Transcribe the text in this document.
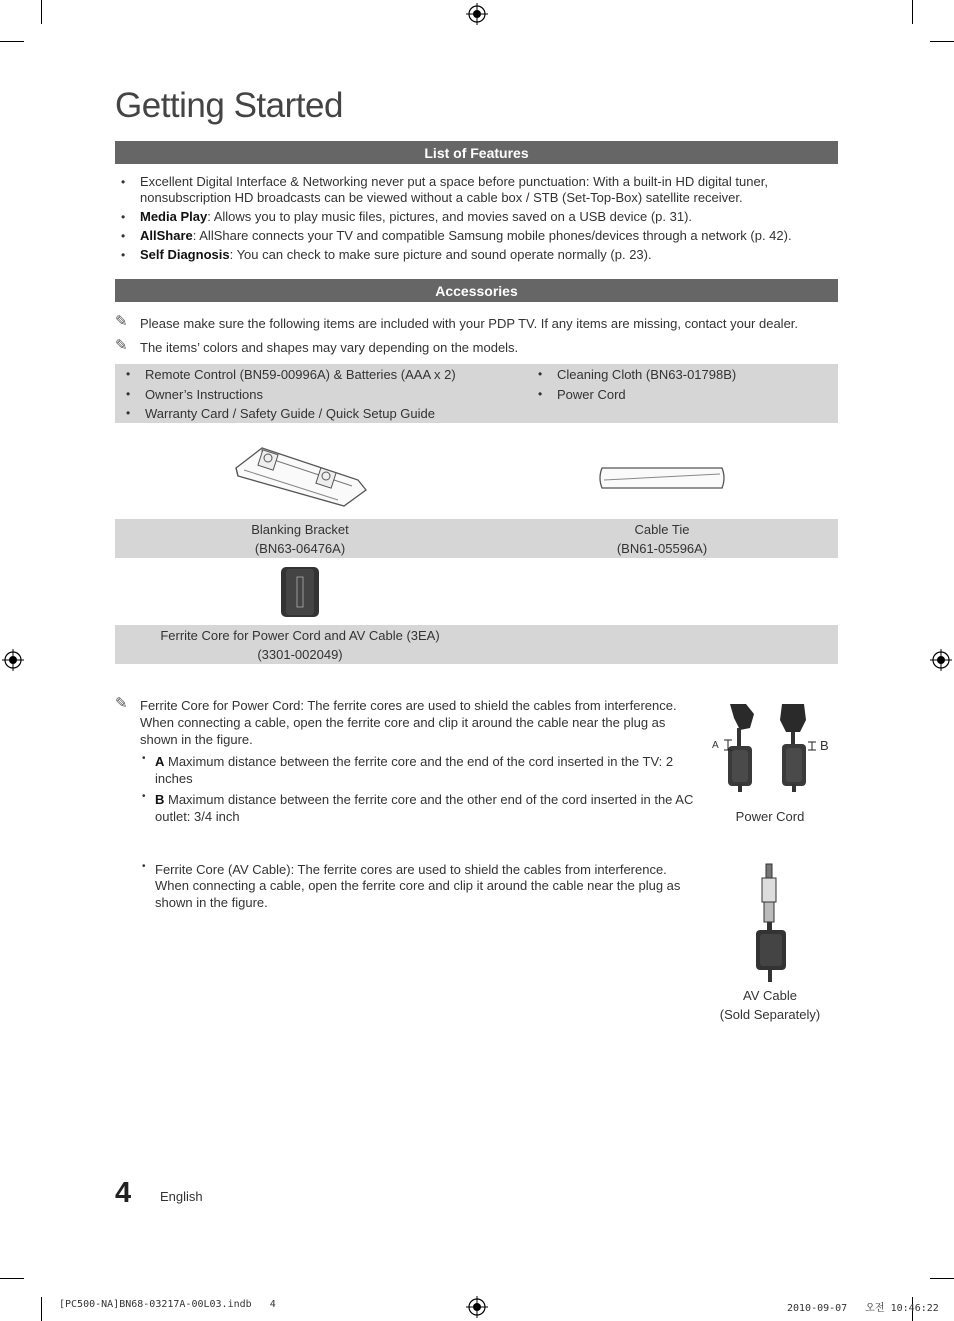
Getting Started
List of Features
• Excellent Digital Interface & Networking never put a space before punctuation: With a built-in HD digital tuner,
nonsubscription HD broadcasts can be viewed without a cable box / STB (Set-Top-Box) satellite receiver.
• Media Play: Allows you to play music files, pictures, and movies saved on a USB device (p. 31).
• AllShare: AllShare connects your TV and compatible Samsung mobile phones/devices through a network (p. 42).
• Self Diagnosis: You can check to make sure picture and sound operate normally (p. 23).
Accessories
✎ Please make sure the following items are included with your PDP TV. If any items are missing, contact your dealer.
✎ The items’ colors and shapes may vary depending on the models.
• Remote Control (BN59-00996A) & Batteries (AAA x 2)
• Owner’s Instructions
• Warranty Card / Safety Guide / Quick Setup Guide
• Cleaning Cloth (BN63-01798B)
• Power Cord
Blanking Bracket
(BN63-06476A)
Cable Tie
(BN61-05596A)
Ferrite Core for Power Cord and AV Cable (3EA)
(3301-002049)
✎ Ferrite Core for Power Cord: The ferrite cores are used to shield the cables from interference.
When connecting a cable, open the ferrite core and clip it around the cable near the plug as
shown in the figure.
• A Maximum distance between the ferrite core and the end of the cord inserted in the TV: 2
inches
• B Maximum distance between the ferrite core and the other end of the cord inserted in the AC
outlet: 3/4 inch
A	B
Power Cord
• Ferrite Core (AV Cable): The ferrite cores are used to shield the cables from interference.
When connecting a cable, open the ferrite core and clip it around the cable near the plug as
shown in the figure.
AV Cable
(Sold Separately)
4 English
[PC500-NA]BN68-03217A-00L03.indb   4	2010-09-07   오전 10:46:22
